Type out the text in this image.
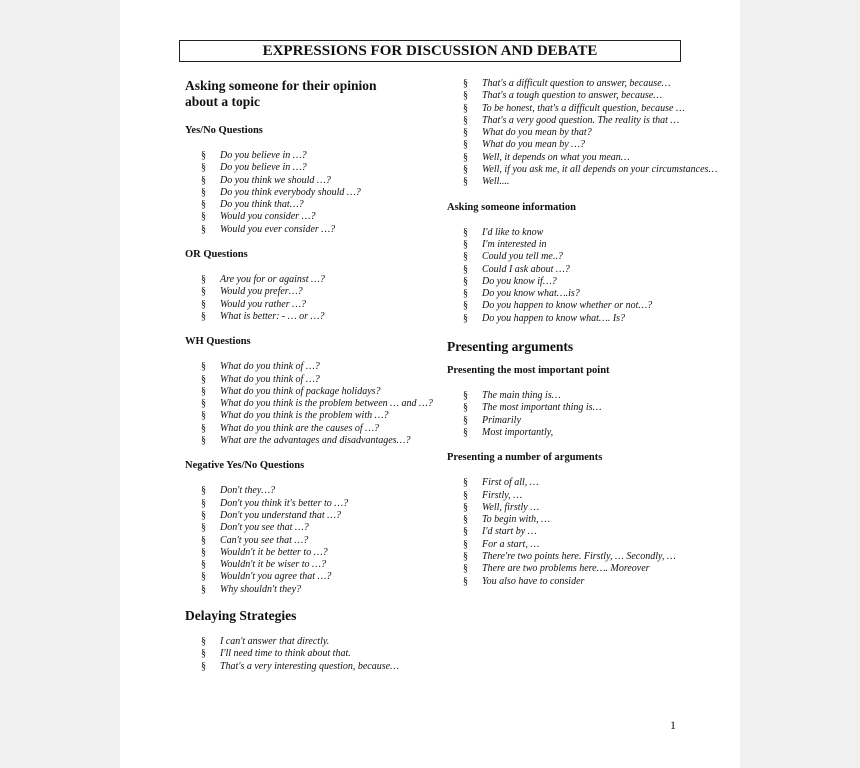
EXPRESSIONS FOR DISCUSSION AND DEBATE
Asking someone for their opinion about a topic
Yes/No Questions
§ Do you believe in …?
§ Do you believe in …?
§ Do you think we should …?
§ Do you think everybody should …?
§ Do you think that…?
§ Would you consider …?
§ Would you ever consider …?
OR Questions
§ Are you for or against …?
§ Would you prefer…?
§ Would you rather …?
§ What is better: - … or …?
WH Questions
§ What do you think of …?
§ What do you think of …?
§ What do you think of package holidays?
§ What do you think is the problem between … and …?
§ What do you think is the problem with …?
§ What do you think are the causes of …?
§ What are the advantages and disadvantages…?
Negative Yes/No Questions
§ Don't they…?
§ Don't you think it's better to …?
§ Don't you understand that …?
§ Don't you see that …?
§ Can't you see that …?
§ Wouldn't it be better to …?
§ Wouldn't it be wiser to …?
§ Wouldn't you agree that …?
§ Why shouldn't they?
Delaying Strategies
§ I can't answer that directly.
§ I'll need time to think about that.
§ That's a very interesting question, because…
§ That's a difficult question to answer, because…
§ That's a tough question to answer, because…
§ To be honest, that's a difficult question, because …
§ That's a very good question. The reality is that …
§ What do you mean by that?
§ What do you mean by …?
§ Well, it depends on what you mean…
§ Well, if you ask me, it all depends on your circumstances…
§ Well....
Asking someone information
§ I'd like to know
§ I'm interested in
§ Could you tell me..?
§ Could I ask about …?
§ Do you know if…?
§ Do you know what….is?
§ Do you happen to know whether or not…?
§ Do you happen to know what…. Is?
Presenting arguments
Presenting the most important point
§ The main thing is…
§ The most important thing is…
§ Primarily
§ Most importantly,
Presenting a number of arguments
§ First of all, …
§ Firstly, …
§ Well, firstly …
§ To begin with, …
§ I'd start by …
§ For a start, …
§ There're two points here. Firstly, … Secondly, …
§ There are two problems here…. Moreover
§ You also have to consider
1
